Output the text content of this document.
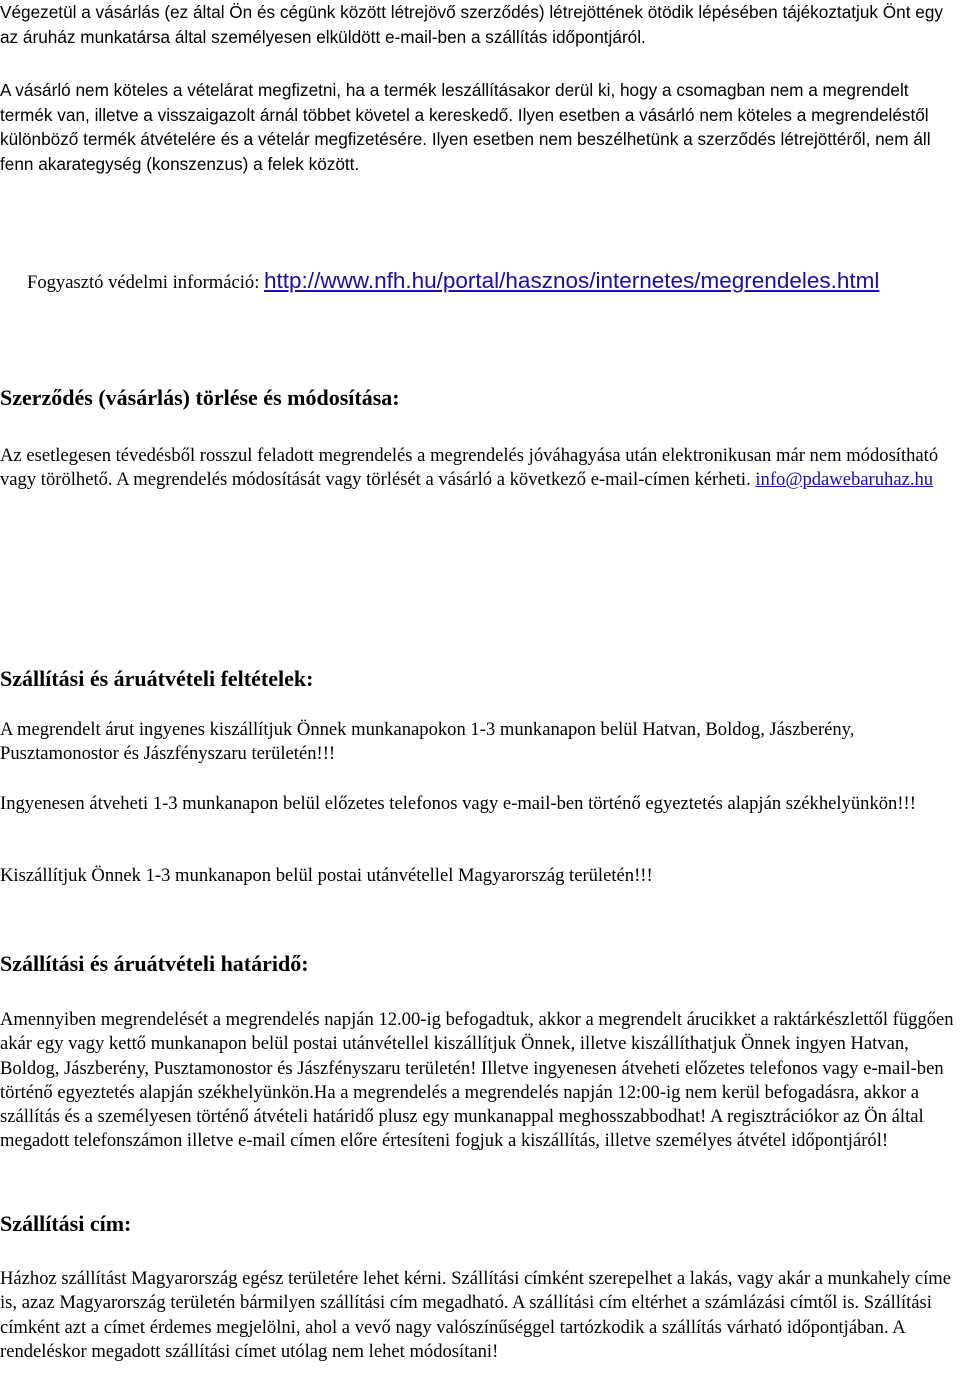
Végezetül a vásárlás (ez által Ön és cégünk között létrejövő szerződés) létrejöttének ötödik lépésében tájékoztatjuk Önt egy az áruház munkatársa által személyesen elküldött e-mail-ben a szállítás időpontjáról.

A vásárló nem köteles a vételárat megfizetni, ha a termék leszállításakor derül ki, hogy a csomagban nem a megrendelt termék van, illetve a visszaigazolt árnál többet követel a kereskedő. Ilyen esetben a vásárló nem köteles a megrendeléstől különböző termék átvételére és a vételár megfizetésére. Ilyen esetben nem beszélhetünk a szerződés létrejöttéről, nem áll fenn akarategység (konszenzus) a felek között.

Fogyasztó védelmi információ: http://www.nfh.hu/portal/hasznos/internetes/megrendeles.html

Szerződés (vásárlás) törlése és módosítása:

Az esetlegesen tévedésből rosszul feladott megrendelés a megrendelés jóváhagyása után elektronikusan már nem módosítható vagy törölhető. A megrendelés módosítását vagy törlését a vásárló a következő e-mail-címen kérheti. info@pdawebaruhaz.hu

Szállítási és áruátvételi feltételek:

A megrendelt árut ingyenes kiszállítjuk Önnek munkanapokon 1-3 munkanapon belül Hatvan, Boldog, Jászberény, Pusztamonostor és Jászfényszaru területén!!!

Ingyenesen átveheti 1-3 munkanapon belül előzetes telefonos vagy e-mail-ben történő egyeztetés alapján székhelyünkön!!!

Kiszállítjuk Önnek 1-3 munkanapon belül postai utánvétellel Magyarország területén!!!

Szállítási és áruátvételi határidő:

Amennyiben megrendelését a megrendelés napján 12.00-ig befogadtuk, akkor a megrendelt árucikket a raktárkészlettől függően akár egy vagy kettő munkanapon belül postai utánvétellel kiszállítjuk Önnek, illetve kiszállíthatjuk Önnek ingyen Hatvan, Boldog, Jászberény, Pusztamonostor és Jászfényszaru területén! Illetve ingyenesen átveheti előzetes telefonos vagy e-mail-ben történő egyeztetés alapján székhelyünkön.Ha a megrendelés a megrendelés napján 12:00-ig nem kerül befogadásra, akkor a szállítás és a személyesen történő átvételi határidő plusz egy munkanappal meghosszabbodhat! A regisztrációkor az Ön által megadott telefonszámon illetve e-mail címen előre értesíteni fogjuk a kiszállítás, illetve személyes átvétel időpontjáról!

Szállítási cím:

Házhoz szállítást Magyarország egész területére lehet kérni. Szállítási címként szerepelhet a lakás, vagy akár a munkahely címe is, azaz Magyarország területén bármilyen szállítási cím megadható. A szállítási cím eltérhet a számlázási címtől is. Szállítási címként azt a címet érdemes megjelölni, ahol a vevő nagy valószínűséggel tartózkodik a szállítás várható időpontjában. A rendeléskor megadott szállítási címet utólag nem lehet módosítani!
